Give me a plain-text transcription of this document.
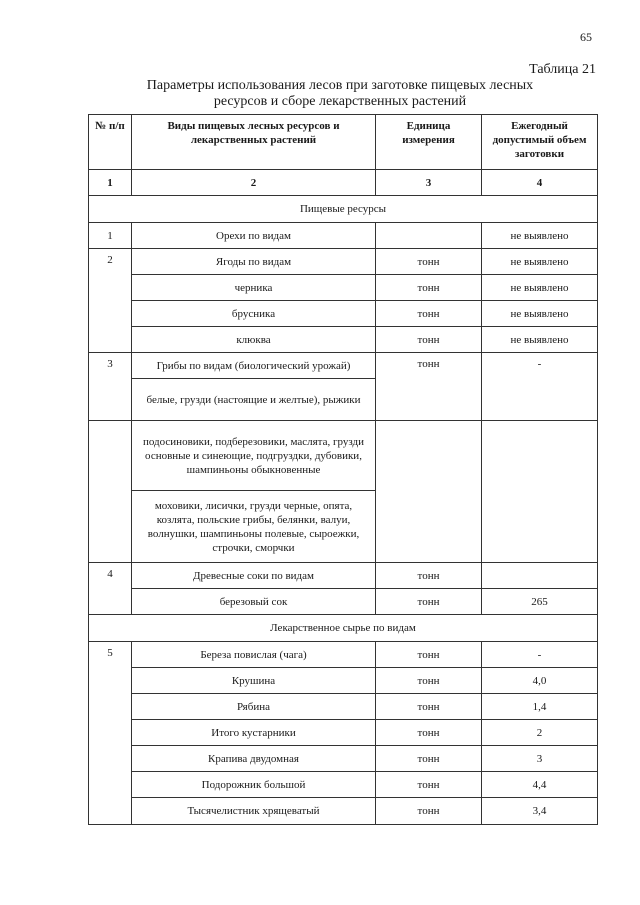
65
Таблица 21
Параметры использования лесов при заготовке пищевых лесных
ресурсов и сборе лекарственных растений
№ п/п	Виды пищевых лесных ресурсов и лекарственных растений	Единица измерения	Ежегодный допустимый объем заготовки
1	2	3	4
Пищевые ресурсы			
1	Орехи по видам		не выявлено
2	Ягоды по видам	тонн	не выявлено
	черника	тонн	не выявлено
	брусника	тонн	не выявлено
	клюква	тонн	не выявлено
3	Грибы по видам (биологический урожай)	тонн	-
	белые, грузди (настоящие и желтые), рыжики		
	подосиновики, подберезовики, маслята, грузди основные и синеющие, подгруздки, дубовики, шампиньоны обыкновенные		
	моховики, лисички, грузди черные, опята, козлята, польские грибы, белянки, валуи, волнушки, шампиньоны полевые, сыроежки, строчки, сморчки		
4	Древесные соки по видам	тонн	
	березовый сок	тонн	265
Лекарственное сырье по видам			
5	Береза повислая (чага)	тонн	-
	Крушина	тонн	4,0
	Рябина	тонн	1,4
	Итого кустарники	тонн	2
	Крапива двудомная	тонн	3
	Подорожник большой	тонн	4,4
	Тысячелистник хрящеватый	тонн	3,4
